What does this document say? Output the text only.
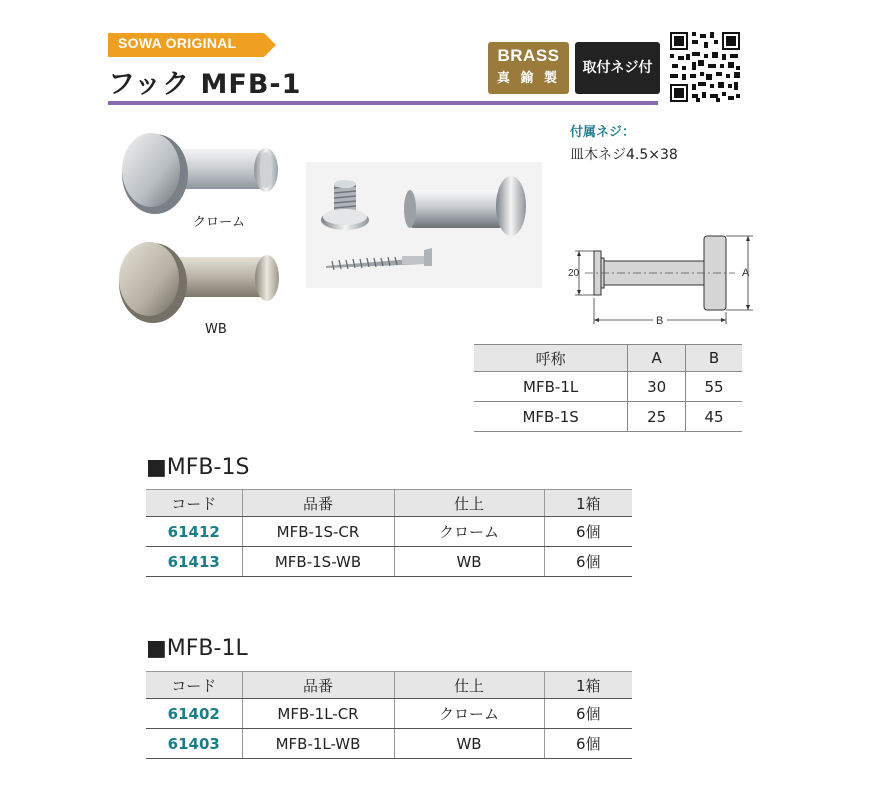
SOWA ORIGINAL
フック MFB-1
BRASS
真 鍮 製
取付ネジ付
クローム
WB
付属ネジ：
皿木ネジ4.5×38
20	A
B
呼称	A	B
MFB-1L	30	55
MFB-1S	25	45
■MFB-1S
コード	品番	仕上	1箱
61412	MFB-1S-CR	クローム	6個
61413	MFB-1S-WB	WB	6個
■MFB-1L
コード	品番	仕上	1箱
61402	MFB-1L-CR	クローム	6個
61403	MFB-1L-WB	WB	6個
